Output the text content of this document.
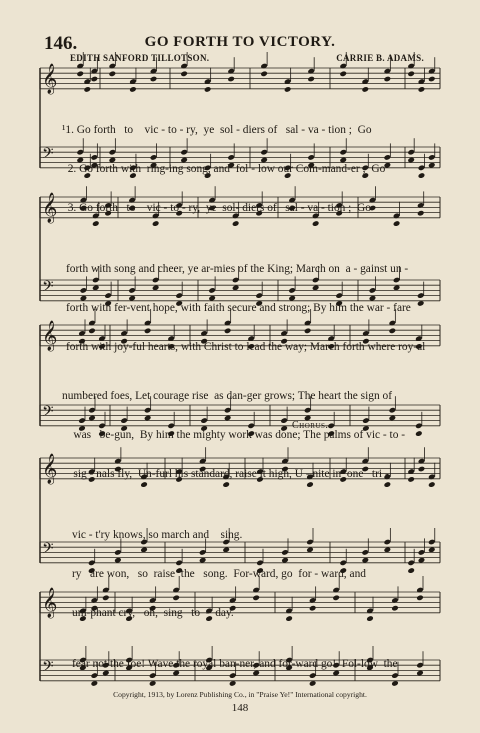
146.	GO FORTH TO VICTORY.
EDITH SANFORD TILLOTSON.	CARRIE B. ADAMS.
𝄞
𝄢
𝄞
𝄢
𝄞
𝄢
𝄞
𝄢
𝄞
𝄢

¹1. Go forth   to    vic - to - ry,  ye  sol - diers of   sal - va - tion ;  Go

2. Go forth with  ring-ing song, and  fol - low our Com-mand-er ;  Go

3. Go forth   to    vic - to - ry,  ye  sol- diers of   sal - va - tion ;  Go

forth with song and cheer, ye ar-mies of the King; March on  a - gainst un -

forth with fer-vent hope, with faith secure and strong; By him the war - fare

forth with joy-ful hearts, with Christ to lead the way; March forth where roy-al

numbered foes, Let courage rise  as dan-ger grows; The heart the sign of

was   be-gun,  By him the mighty work was done; The palms of vic - to -

sig - nals fly,  Un-furl his standard, raise it high, U - nite in  one   tri -

Chorus.

vic - t'ry knows, so march and    sing.

ry   are won,   so  raise  the   song.  For-ward, go  for - ward, and

um-phant cry,   oh,  sing   to  -  day.

fear not the foe! Wave the royal ban-ner, and for-ward go!  Fol-low  the

Copyright, 1913, by Lorenz Publishing Co., in "Praise Ye!" International copyright.
148
